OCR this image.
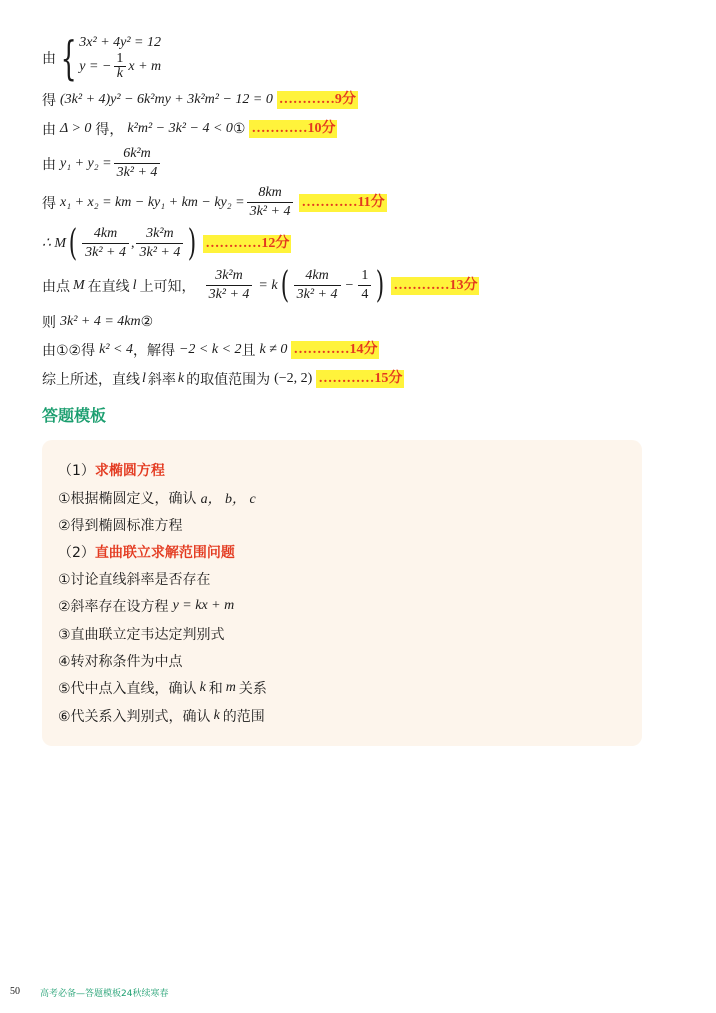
由 { 3x² + 4y² = 12
y = − $\frac{1}{k}$ x + m
得 (3k² + 4)y² − 6k²my + 3k²m² − 12 = 0 …………9分
由 Δ > 0 得， k²m² − 3k² − 4 < 0 ① …………10分
由 $y_1 + y_2 = \frac{\text{6k²m}}{\text{3k² + 4}}$
得 x₁ + x₂ = km − ky₁ + km − $ky_2 = \frac{8km}{\text{3k² + 4}}$ …………11分
∴ M ( $\frac{4km}{\text{3k² + 4}}$ , $\frac{\text{3k²m}}{\text{3k² + 4}}$ ) …………12分
由点 M 在直线 l 上可知， $\frac{\text{3k²m}}{\text{3k² + 4}} = k$ ( $\frac{4km}{\text{3k² + 4}} - \frac{1}{4}$ ) …………13分
则 3k² + 4 = 4km ②
由①②得 k² < 4 ，解得 −2 < k < 2 且 k ≠ 0 …………14分
综上所述，直线 l 斜率 k 的取值范围为 (−2, 2) …………15分
答题模板
（1） 求椭圆方程
①根据椭圆定义，确认 a， b， c
②得到椭圆标准方程
（2） 直曲联立求解范围问题
①讨论直线斜率是否存在
②斜率存在设方程 y = kx + m
③直曲联立定韦达定判别式
④转对称条件为中点
⑤代中点入直线，确认 k 和 m 关系
⑥代关系入判别式，确认 k 的范围
50 高考必备—答题模板24秋续寒春
